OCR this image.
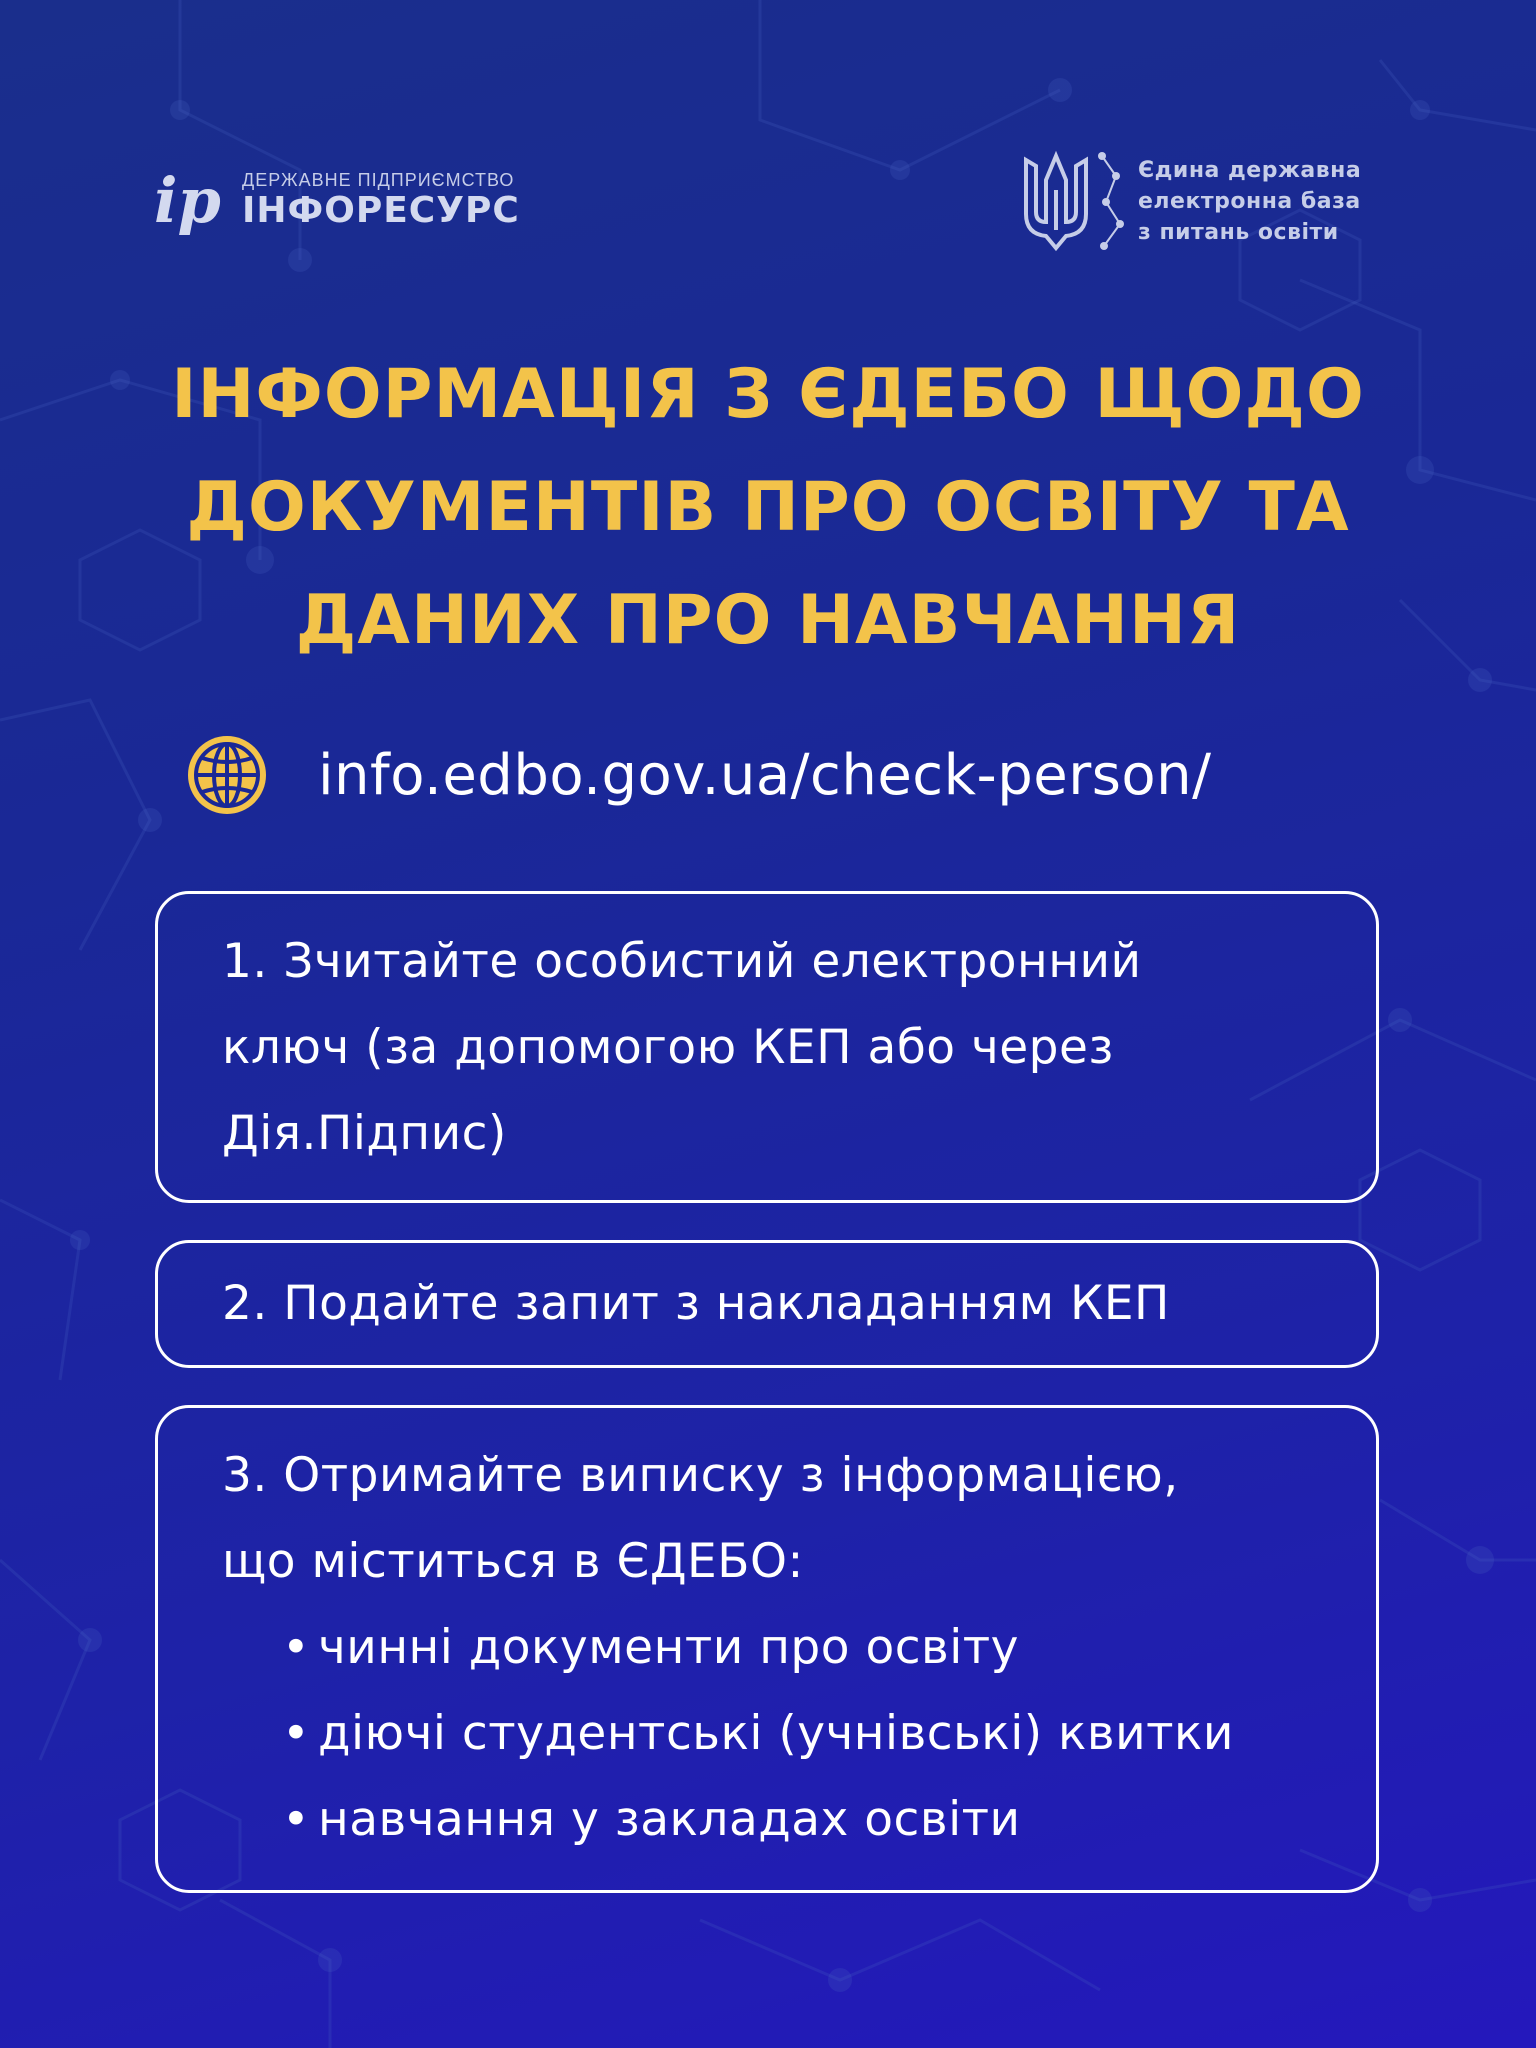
ip ДЕРЖАВНЕ ПІДПРИЄМСТВО
ІНФОРЕСУРС
Єдина державна
електронна база
з питань освіти
ІНФОРМАЦІЯ З ЄДЕБО ЩОДО
ДОКУМЕНТІВ ПРО ОСВІТУ ТА
ДАНИХ ПРО НАВЧАННЯ
info.edbo.gov.ua/check-person/
1. Зчитайте особистий електронний
ключ (за допомогою КЕП або через
Дія.Підпис)
2. Подайте запит з накладанням КЕП
3. Отримайте виписку з інформацією,
що міститься в ЄДЕБО:
• чинні документи про освіту
• діючі студентські (учнівські) квитки
• навчання у закладах освіти
